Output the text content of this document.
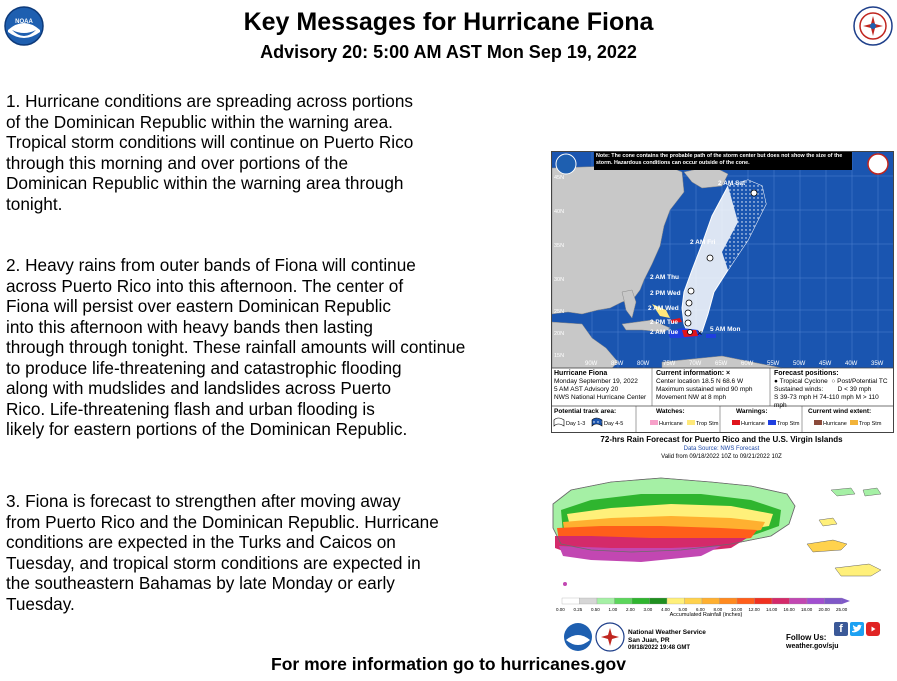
NOAA	Key Messages for Hurricane Fiona
Advisory 20: 5:00 AM AST Mon Sep 19, 2022
1. Hurricane conditions are spreading across portions
of the Dominican Republic within the warning area.
Tropical storm conditions will continue on Puerto Rico
through this morning and over portions of the
Dominican Republic within the warning area through
tonight.
2. Heavy rains from outer bands of Fiona will continue
across Puerto Rico into this afternoon. The center of
Fiona will persist over eastern Dominican Republic
into this afternoon with heavy bands then lasting
through through tonight. These rainfall amounts will continue
to produce life-threatening and catastrophic flooding
along with mudslides and landslides across Puerto
Rico. Life-threatening flash and urban flooding is
likely for eastern portions of the Dominican Republic.
3. Fiona is forecast to strengthen after moving away
from Puerto Rico and the Dominican Republic. Hurricane
conditions are expected in the Turks and Caicos on
Tuesday, and tropical storm conditions are expected in
the southeastern Bahamas by late Monday or early
Tuesday.
×
45N
40N
35N
30N
25N
20N
15N
90W 85W 80W 75W 70W 65W 60W 55W 50W 45W 40W 35W
2 AM Sat
2 AM Fri
2 AM Thu
2 PM Wed
2 AM Wed
2 PM Tue
2 AM Tue	5 AM Mon
Note: The cone contains the probable path of the storm center but does not show the size of the storm. Hazardous conditions can occur outside of the cone.
Hurricane Fiona
Monday September 19, 2022
5 AM AST Advisory 20
NWS National Hurricane Center
Current information: ×
Center location 18.5 N 68.6 W
Maximum sustained wind 90 mph
Movement NW at 8 mph
Forecast positions:
● Tropical Cyclone ○ Post/Potential TC
Sustained winds: D < 39 mph
S 39-73 mph H 74-110 mph M > 110 mph
Potential track area:
Day 1-3	Day 4-5
Watches:
Hurricane Trop Stm
Warnings:
Hurricane Trop Stm
Current wind extent:
Hurricane Trop Stm
72-hrs Rain Forecast for Puerto Rico and the U.S. Virgin Islands
Data Source: NWS Forecast
Valid from 09/18/2022 10Z to 09/21/2022 10Z
0.00 0.25 0.50 1.00 2.00 3.00 4.00 5.00 6.00 8.00 10.00 12.00 14.00 16.00 18.00 20.00 25.00
Accumulated Rainfall (inches)
National Weather Service
San Juan, PR
09/18/2022 19:48 GMT
Follow Us:
f
weather.gov/sju
For more information go to hurricanes.gov
